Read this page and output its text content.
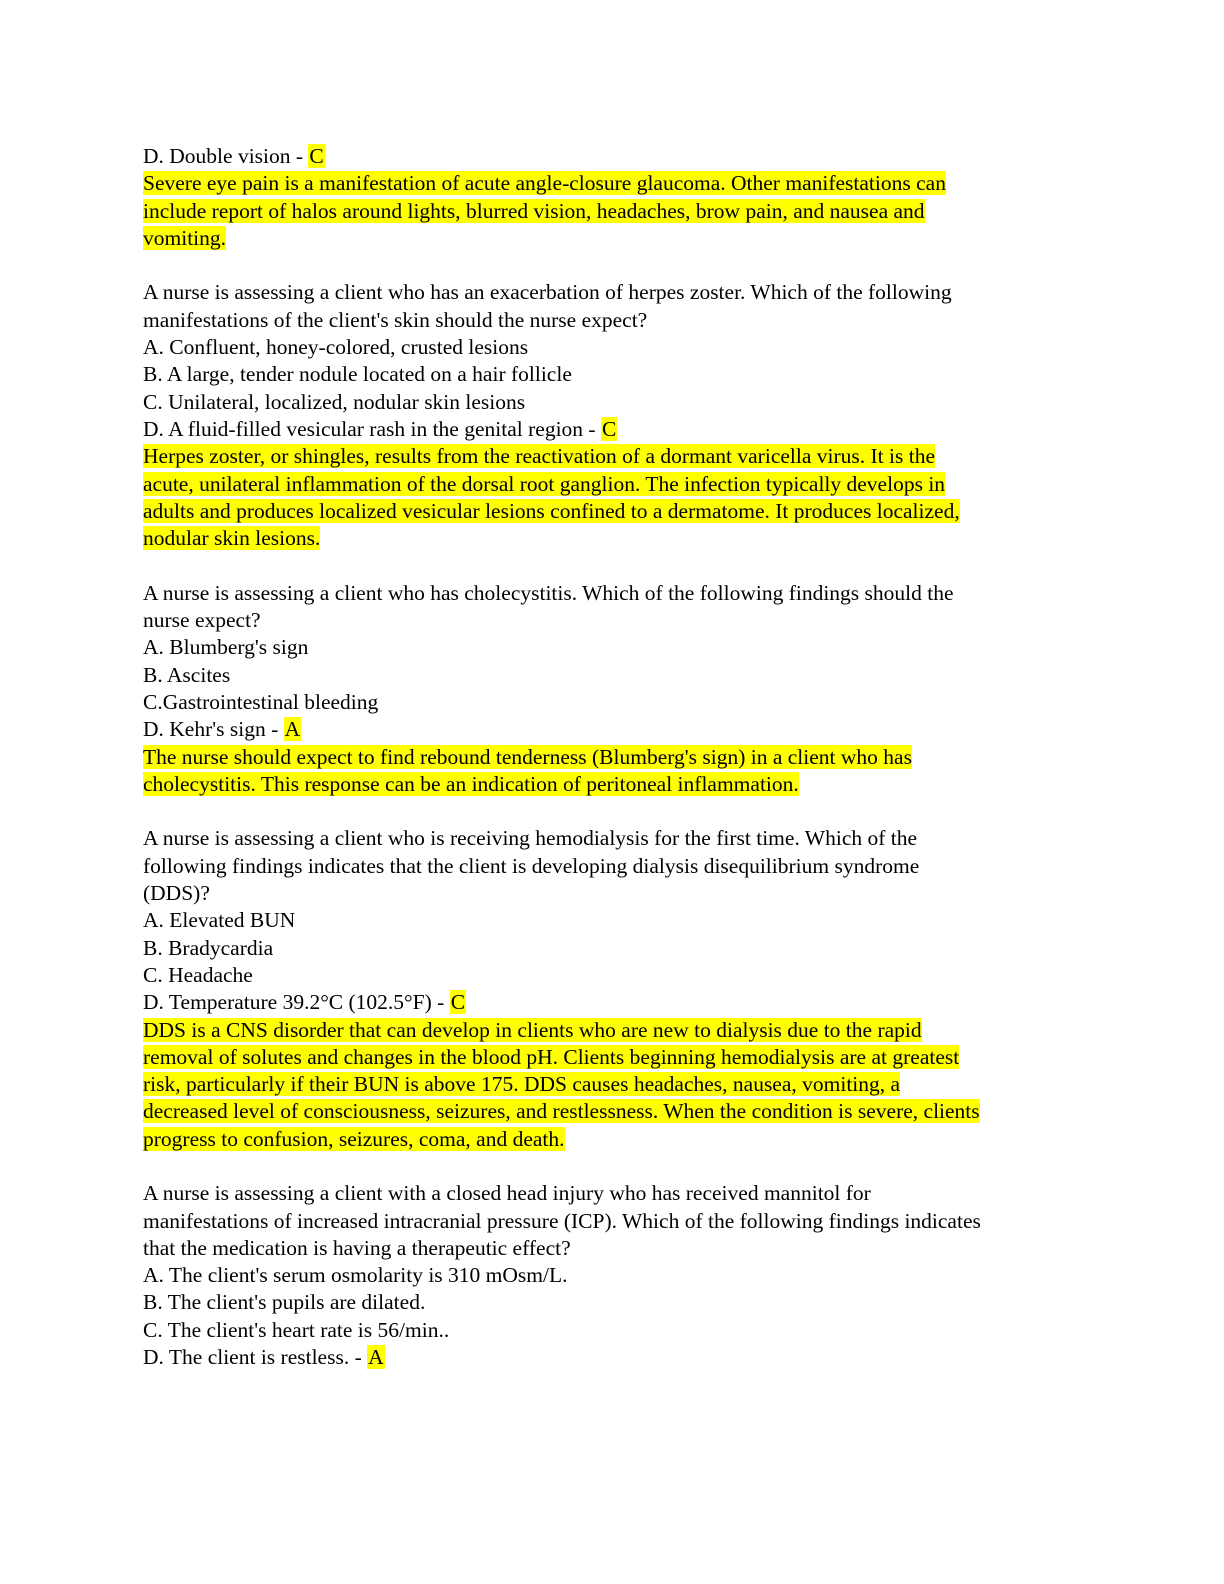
D. Double vision - C
Severe eye pain is a manifestation of acute angle-closure glaucoma. Other manifestations can
include report of halos around lights, blurred vision, headaches, brow pain, and nausea and
vomiting.
A nurse is assessing a client who has an exacerbation of herpes zoster. Which of the following
manifestations of the client's skin should the nurse expect?
A. Confluent, honey-colored, crusted lesions
B. A large, tender nodule located on a hair follicle
C. Unilateral, localized, nodular skin lesions
D. A fluid-filled vesicular rash in the genital region - C
Herpes zoster, or shingles, results from the reactivation of a dormant varicella virus. It is the
acute, unilateral inflammation of the dorsal root ganglion. The infection typically develops in
adults and produces localized vesicular lesions confined to a dermatome. It produces localized,
nodular skin lesions.
A nurse is assessing a client who has cholecystitis. Which of the following findings should the
nurse expect?
A. Blumberg's sign
B. Ascites
C.Gastrointestinal bleeding
D. Kehr's sign - A
The nurse should expect to find rebound tenderness (Blumberg's sign) in a client who has
cholecystitis. This response can be an indication of peritoneal inflammation.
A nurse is assessing a client who is receiving hemodialysis for the first time. Which of the
following findings indicates that the client is developing dialysis disequilibrium syndrome
(DDS)?
A. Elevated BUN
B. Bradycardia
C. Headache
D. Temperature 39.2°C (102.5°F) - C
DDS is a CNS disorder that can develop in clients who are new to dialysis due to the rapid
removal of solutes and changes in the blood pH. Clients beginning hemodialysis are at greatest
risk, particularly if their BUN is above 175. DDS causes headaches, nausea, vomiting, a
decreased level of consciousness, seizures, and restlessness. When the condition is severe, clients
progress to confusion, seizures, coma, and death.
A nurse is assessing a client with a closed head injury who has received mannitol for
manifestations of increased intracranial pressure (ICP). Which of the following findings indicates
that the medication is having a therapeutic effect?
A. The client's serum osmolarity is 310 mOsm/L.
B. The client's pupils are dilated.
C. The client's heart rate is 56/min..
D. The client is restless. - A
